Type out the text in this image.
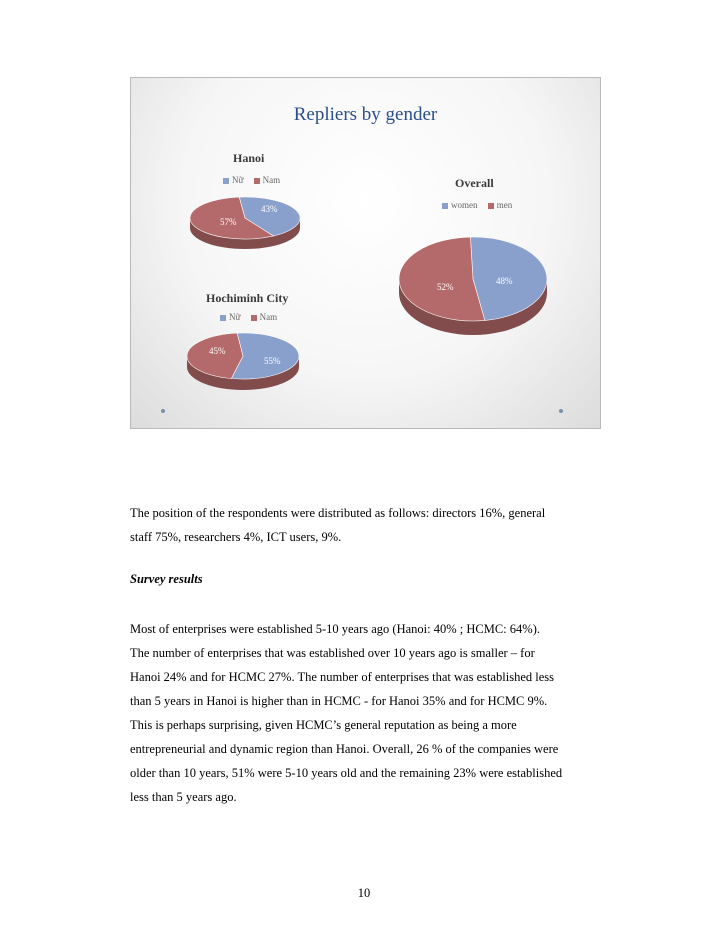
Repliers by gender
Hanoi
Nữ Nam
43%
57%
Hochiminh City
Nữ Nam
45%
55%
Overall
women men
48%
52%
The position of the respondents were distributed as follows: directors 16%, general
staff 75%, researchers 4%, ICT users, 9%.
Survey results
Most of enterprises were established 5-10 years ago (Hanoi: 40% ; HCMC: 64%).
The number of enterprises that was established over 10 years ago is smaller – for
Hanoi 24% and for HCMC 27%. The number of enterprises that was established less
than 5 years in Hanoi is higher than in HCMC - for Hanoi 35% and for HCMC 9%.
This is perhaps surprising, given HCMC’s general reputation as being a more
entrepreneurial and dynamic region than Hanoi. Overall, 26 % of the companies were
older than 10 years, 51% were 5-10 years old and the remaining 23% were established
less than 5 years ago.
10
